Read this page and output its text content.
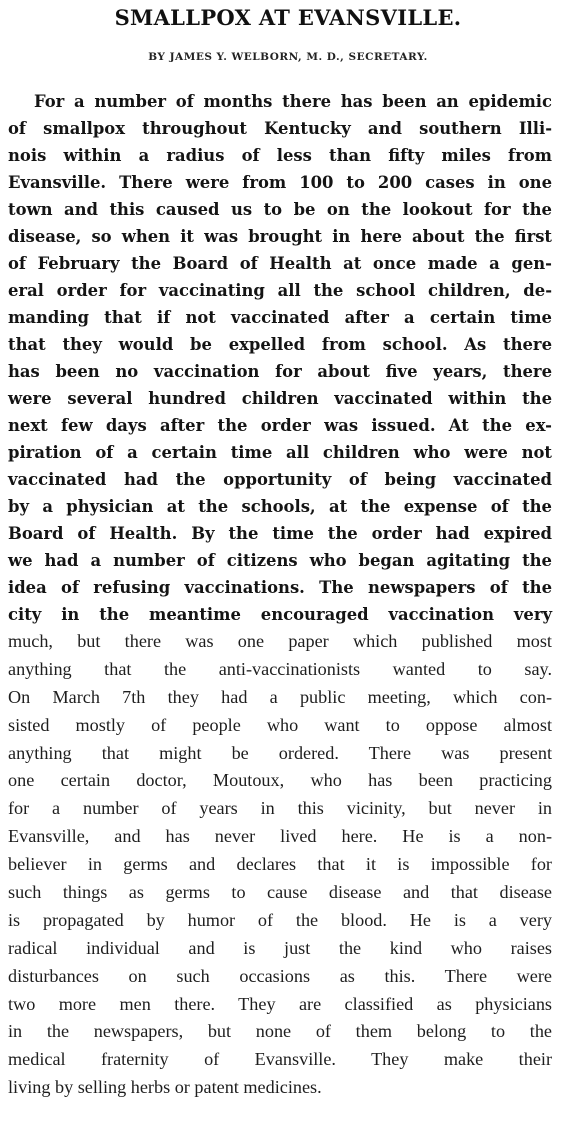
SMALLPOX AT EVANSVILLE.
BY JAMES Y. WELBORN, M. D., SECRETARY.
For a number of months there has been an epidemic
of smallpox throughout Kentucky and southern Illi-
nois within a radius of less than fifty miles from
Evansville. There were from 100 to 200 cases in one
town and this caused us to be on the lookout for the
disease, so when it was brought in here about the first
of February the Board of Health at once made a gen-
eral order for vaccinating all the school children, de-
manding that if not vaccinated after a certain time
that they would be expelled from school. As there
has been no vaccination for about five years, there
were several hundred children vaccinated within the
next few days after the order was issued. At the ex-
piration of a certain time all children who were not
vaccinated had the opportunity of being vaccinated
by a physician at the schools, at the expense of the
Board of Health. By the time the order had expired
we had a number of citizens who began agitating the
idea of refusing vaccinations. The newspapers of the
city in the meantime encouraged vaccination very
much, but there was one paper which published most
anything that the anti-vaccinationists wanted to say.
On March 7th they had a public meeting, which con-
sisted mostly of people who want to oppose almost
anything that might be ordered. There was present
one certain doctor, Moutoux, who has been practicing
for a number of years in this vicinity, but never in
Evansville, and has never lived here. He is a non-
believer in germs and declares that it is impossible for
such things as germs to cause disease and that disease
is propagated by humor of the blood. He is a very
radical individual and is just the kind who raises
disturbances on such occasions as this. There were
two more men there. They are classified as physicians
in the newspapers, but none of them belong to the
medical fraternity of Evansville. They make their
living by selling herbs or patent medicines.
